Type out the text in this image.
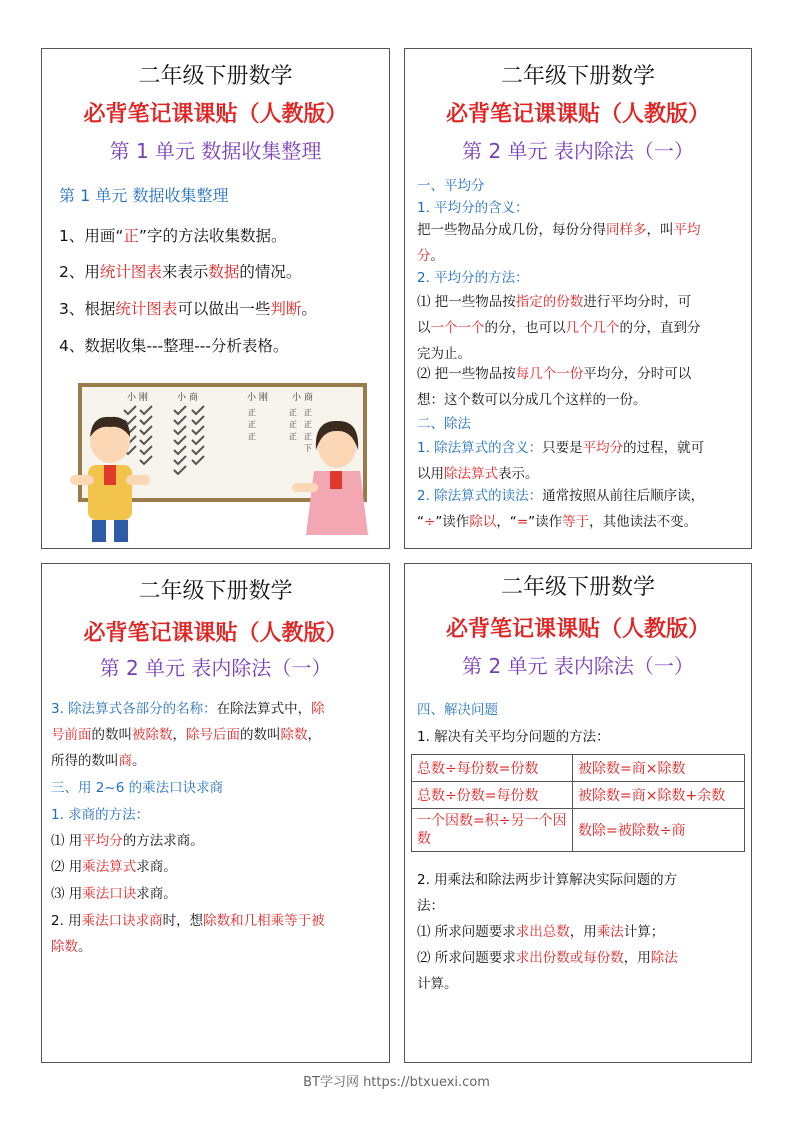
二年级下册数学
必背笔记课课贴（人教版）
第 1 单元 数据收集整理
第 1 单元 数据收集整理
1、用画“正”字的方法收集数据。
2、用统计图表来表示数据的情况。
3、根据统计图表可以做出一些判断。
4、数据收集---整理---分析表格。
小 刚	小 商	小 刚	小 商
正
正
正
正
正
正
正
正
正
下
二年级下册数学
必背笔记课课贴（人教版）
第 2 单元 表内除法（一）
一、平均分
1. 平均分的含义：
把一些物品分成几份，每份分得同样多，叫平均
分。
2. 平均分的方法：
⑴ 把一些物品按指定的份数进行平均分时，可
以一个一个的分，也可以几个几个的分，直到分
完为止。
⑵ 把一些物品按每几个一份平均分，分时可以
想：这个数可以分成几个这样的一份。
二、除法
1. 除法算式的含义：只要是平均分的过程，就可
以用除法算式表示。
2. 除法算式的读法：通常按照从前往后顺序读，
“÷”读作除以，“=”读作等于，其他读法不变。
二年级下册数学
必背笔记课课贴（人教版）
第 2 单元 表内除法（一）
3. 除法算式各部分的名称：在除法算式中，除
号前面的数叫被除数，除号后面的数叫除数，
所得的数叫商。
三、用 2~6 的乘法口诀求商
1. 求商的方法：
⑴ 用平均分的方法求商。
⑵ 用乘法算式求商。
⑶ 用乘法口诀求商。
2. 用乘法口诀求商时，想除数和几相乘等于被
除数。
二年级下册数学
必背笔记课课贴（人教版）
第 2 单元 表内除法（一）
四、解决问题
1. 解决有关平均分问题的方法：
总数÷每份数=份数	被除数=商×除数
总数÷份数=每份数	被除数=商×除数+余数
一个因数=积÷另一个因数	数除=被除数÷商
2. 用乘法和除法两步计算解决实际问题的方
法：
⑴ 所求问题要求求出总数，用乘法计算；
⑵ 所求问题要求求出份数或每份数，用除法
计算。
BT学习网 https://btxuexi.com
